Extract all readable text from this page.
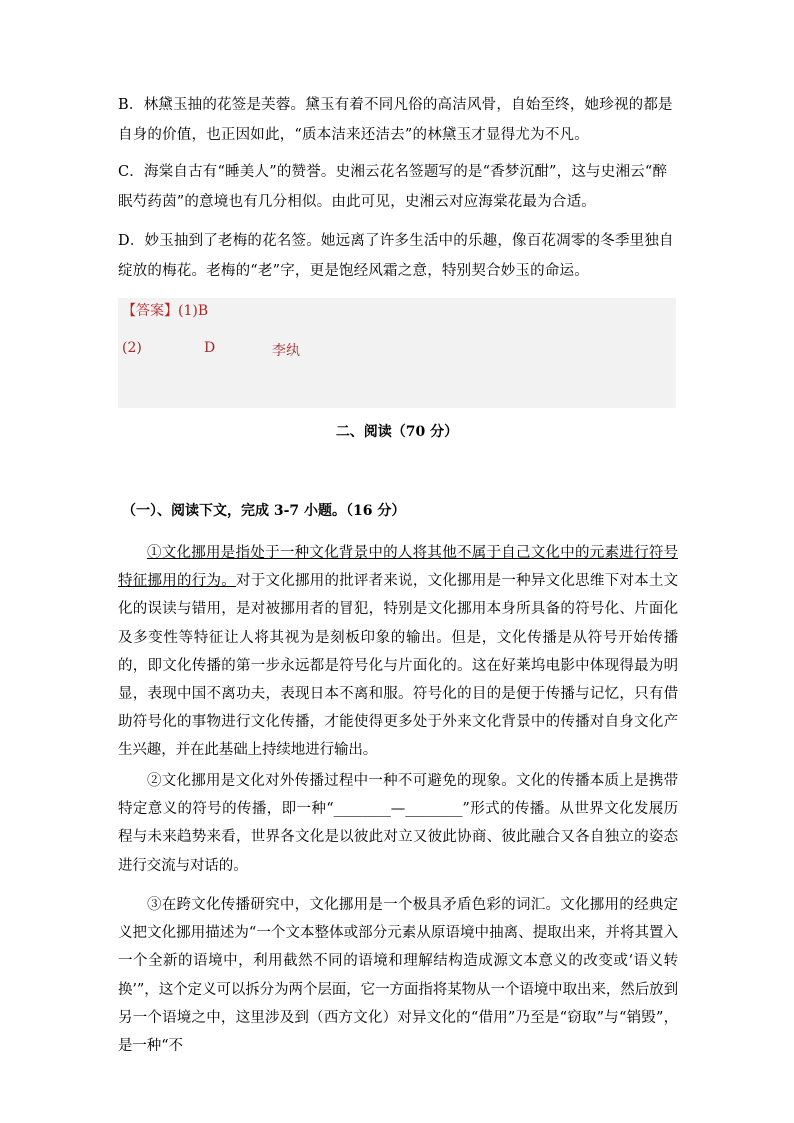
B．林黛玉抽的花签是芙蓉。黛玉有着不同凡俗的高洁风骨，自始至终，她珍视的都是自身的价值，也正因如此，“质本洁来还洁去”的林黛玉才显得尤为不凡。

C．海棠自古有“睡美人”的赞誉。史湘云花名签题写的是“香梦沉酣”，这与史湘云“醉眠芍药茵”的意境也有几分相似。由此可见，史湘云对应海棠花最为合适。

D．妙玉抽到了老梅的花名签。她远离了许多生活中的乐趣，像百花凋零的冬季里独自绽放的梅花。老梅的“老”字，更是饱经风霜之意，特别契合妙玉的命运。

【答案】(1)B
(2)	D	李纨
二、阅读（70 分）
（一）、阅读下文，完成 3-7 小题。（16 分）

①文化挪用是指处于一种文化背景中的人将其他不属于自己文化中的元素进行符号特征挪用的行为。对于文化挪用的批评者来说，文化挪用是一种异文化思维下对本土文化的误读与错用，是对被挪用者的冒犯，特别是文化挪用本身所具备的符号化、片面化及多变性等特征让人将其视为是刻板印象的输出。但是，文化传播是从符号开始传播的，即文化传播的第一步永远都是符号化与片面化的。这在好莱坞电影中体现得最为明显，表现中国不离功夫，表现日本不离和服。符号化的目的是便于传播与记忆，只有借助符号化的事物进行文化传播，才能使得更多处于外来文化背景中的传播对自身文化产生兴趣，并在此基础上持续地进行输出。

②文化挪用是文化对外传播过程中一种不可避免的现象。文化的传播本质上是携带特定意义的符号的传播，即一种“________—________”形式的传播。从世界文化发展历程与未来趋势来看，世界各文化是以彼此对立又彼此协商、彼此融合又各自独立的姿态进行交流与对话的。

③在跨文化传播研究中，文化挪用是一个极具矛盾色彩的词汇。文化挪用的经典定义把文化挪用描述为“一个文本整体或部分元素从原语境中抽离、提取出来，并将其置入一个全新的语境中，利用截然不同的语境和理解结构造成源文本意义的改变或‘语义转换’”，这个定义可以拆分为两个层面，它一方面指将某物从一个语境中取出来，然后放到另一个语境之中，这里涉及到（西方文化）对异文化的“借用”乃至是“窃取”与“销毁”，是一种“不
